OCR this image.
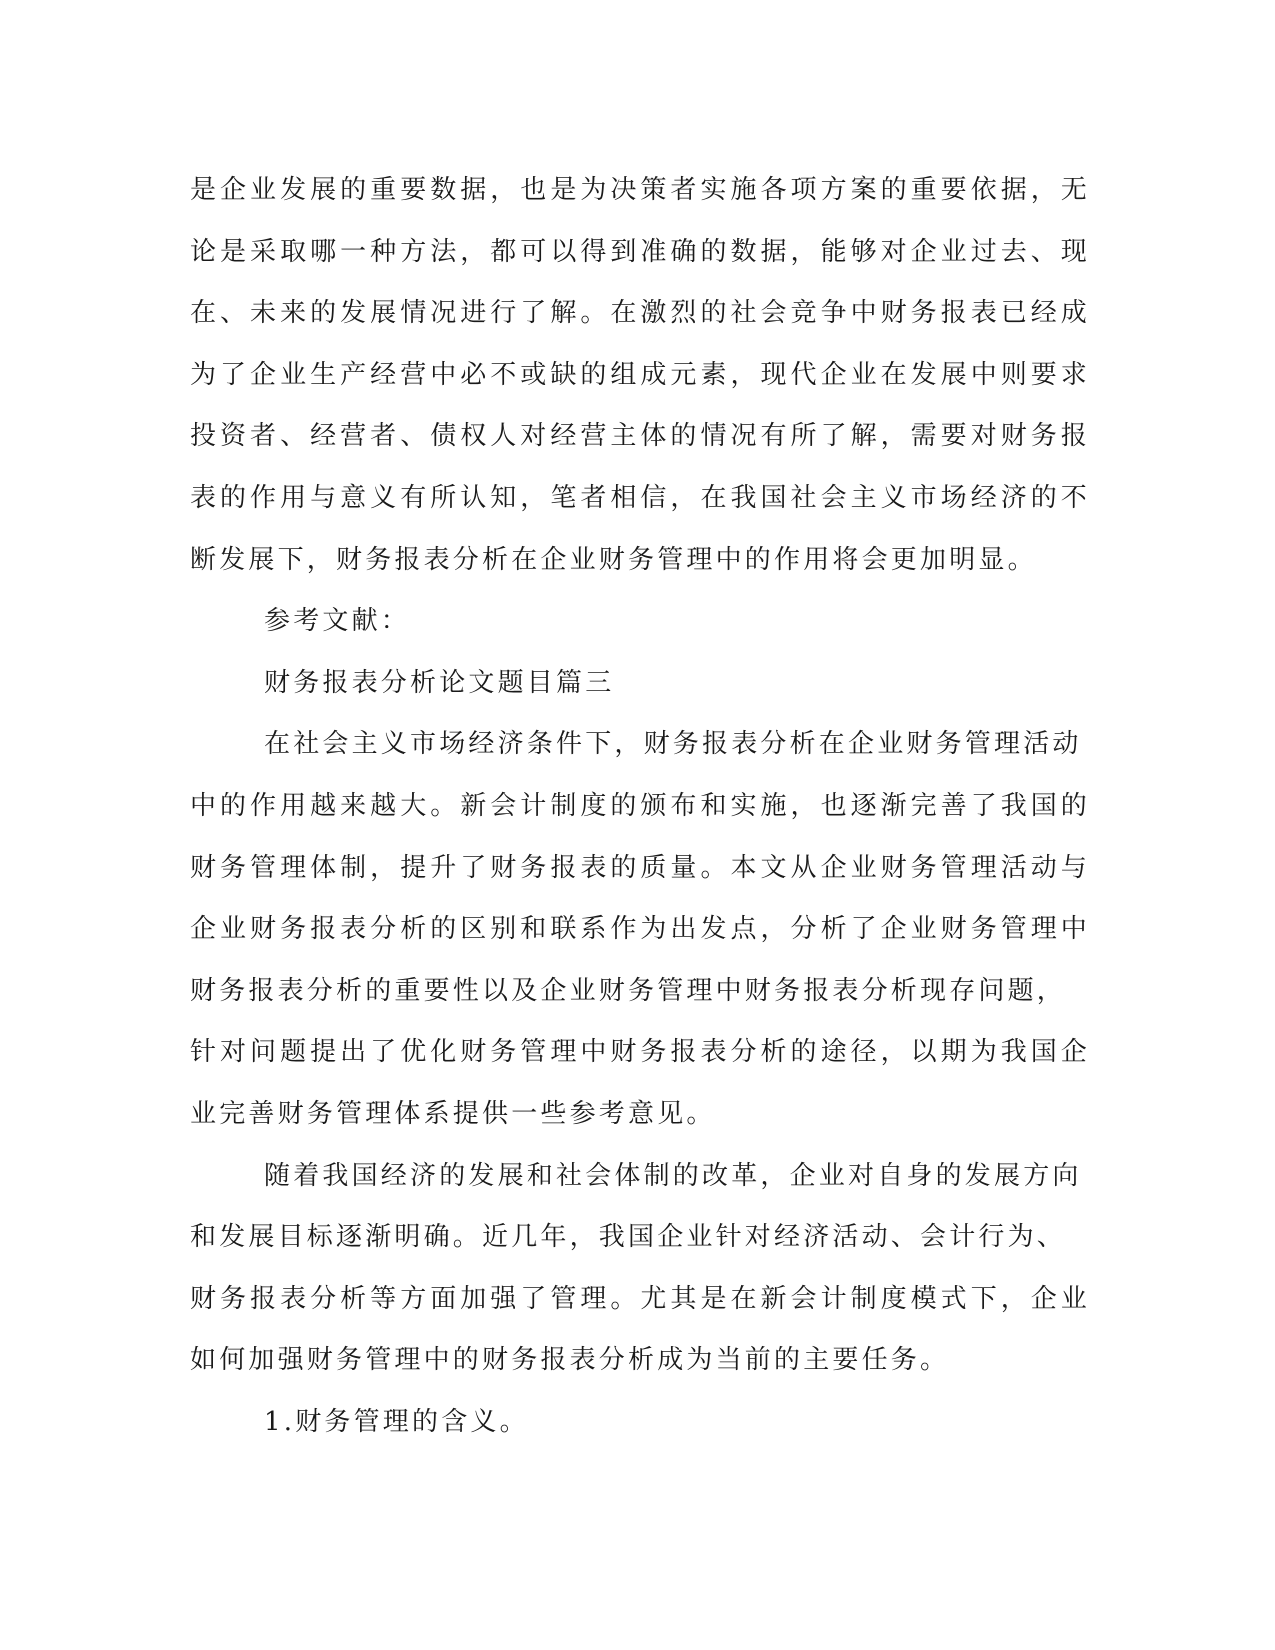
是企业发展的重要数据，也是为决策者实施各项方案的重要依据，无
论是采取哪一种方法，都可以得到准确的数据，能够对企业过去、现
在、未来的发展情况进行了解。在激烈的社会竞争中财务报表已经成
为了企业生产经营中必不或缺的组成元素，现代企业在发展中则要求
投资者、经营者、债权人对经营主体的情况有所了解，需要对财务报
表的作用与意义有所认知，笔者相信，在我国社会主义市场经济的不
断发展下，财务报表分析在企业财务管理中的作用将会更加明显。
参考文献：
财务报表分析论文题目篇三
在社会主义市场经济条件下，财务报表分析在企业财务管理活动
中的作用越来越大。新会计制度的颁布和实施，也逐渐完善了我国的
财务管理体制，提升了财务报表的质量。本文从企业财务管理活动与
企业财务报表分析的区别和联系作为出发点，分析了企业财务管理中
财务报表分析的重要性以及企业财务管理中财务报表分析现存问题，
针对问题提出了优化财务管理中财务报表分析的途径，以期为我国企
业完善财务管理体系提供一些参考意见。
随着我国经济的发展和社会体制的改革，企业对自身的发展方向
和发展目标逐渐明确。近几年，我国企业针对经济活动、会计行为、
财务报表分析等方面加强了管理。尤其是在新会计制度模式下，企业
如何加强财务管理中的财务报表分析成为当前的主要任务。
1.财务管理的含义。
